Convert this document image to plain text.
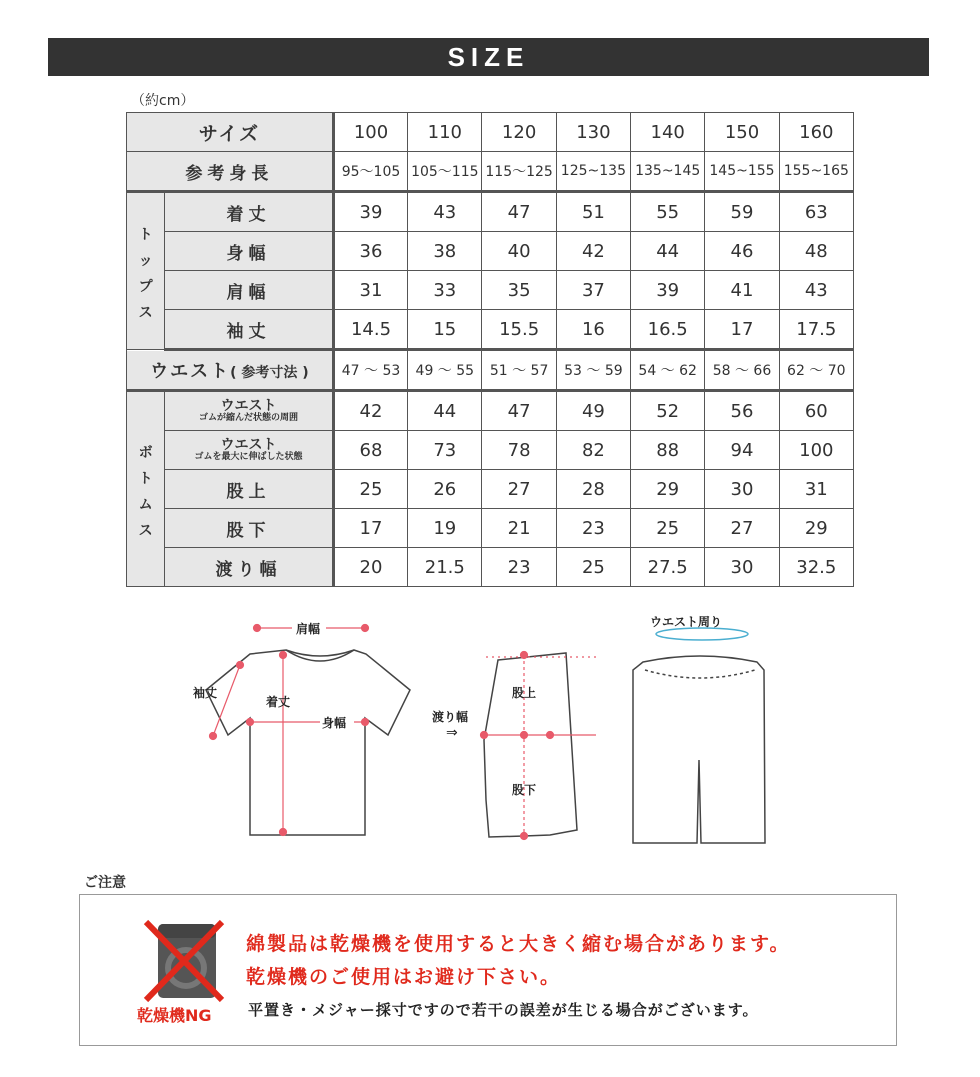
SIZE
（約cm）
サイズ		100	110	120	130	140	150	160
参考身長		95～105	105～115	115～125	125~135	135~145	145~155	155~165

ト
ッ
プ
ス	着丈	39	43	47	51	55	59	63
	身幅	36	38	40	42	44	46	48
	肩幅	31	33	35	37	39	41	43
	袖丈	14.5	15	15.5	16	16.5	17	17.5
ウエスト( 参考寸法 )		47 ～ 53	49 ～ 55	51 ～ 57	53 ～ 59	54 ～ 62	58 ～ 66	62 ～ 70

ボ
ト
ム
ス	ウエスト
ゴムが縮んだ状態の周囲	42	44	47	49	52	56	60

	ウエスト
ゴムを最大に伸ばした状態	68	73	78	82	88	94	100
	股上	25	26	27	28	29	30	31
	股下	17	19	21	23	25	27	29
	渡り幅	20	21.5	23	25	27.5	30	32.5
肩幅
袖丈
着丈
身幅	渡り幅
⇒
股上
股下
ウエスト周り
ご注意
乾燥機NG
綿製品は乾燥機を使用すると大きく縮む場合があります。
乾燥機のご使用はお避け下さい。
平置き・メジャー採寸ですので若干の誤差が生じる場合がございます。
